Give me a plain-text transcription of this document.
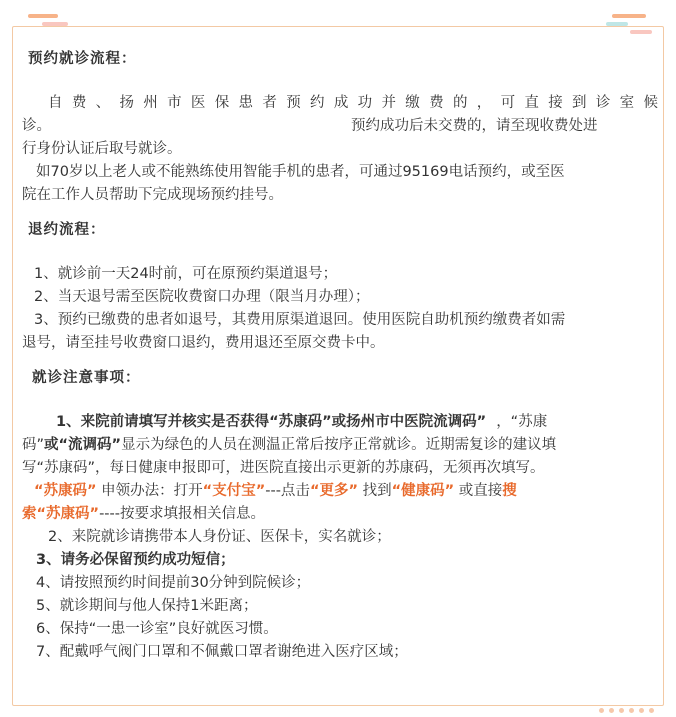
预约就诊流程：

自费、扬州市医保患者预约成功并缴费的，可直接到诊室候

诊。	预约成功后未交费的，请至现收费处进

行身份认证后取号就诊。

如70岁以上老人或不能熟练使用智能手机的患者，可通过95169电话预约，或至医

院在工作人员帮助下完成现场预约挂号。

退约流程：

1、就诊前一天24时前，可在原预约渠道退号；

2、当天退号需至医院收费窗口办理（限当月办理）；

3、预约已缴费的患者如退号，其费用原渠道退回。使用医院自助机预约缴费者如需

退号，请至挂号收费窗口退约，费用退还至原交费卡中。

就诊注意事项：

1、来院前请填写并核实是否获得“苏康码”或扬州市中医院流调码” ，“苏康

码”或“流调码”显示为绿色的人员在测温正常后按序正常就诊。近期需复诊的建议填

写“苏康码”，每日健康申报即可，进医院直接出示更新的苏康码，无须再次填写。

“苏康码” 申领办法：打开“支付宝”---点击“更多” 找到“健康码” 或直接搜

索“苏康码”----按要求填报相关信息。

2、来院就诊请携带本人身份证、医保卡，实名就诊；

3、请务必保留预约成功短信；

4、请按照预约时间提前30分钟到院候诊；

5、就诊期间与他人保持1米距离；

6、保持“一患一诊室”良好就医习惯。

7、配戴呼气阀门口罩和不佩戴口罩者谢绝进入医疗区域；
